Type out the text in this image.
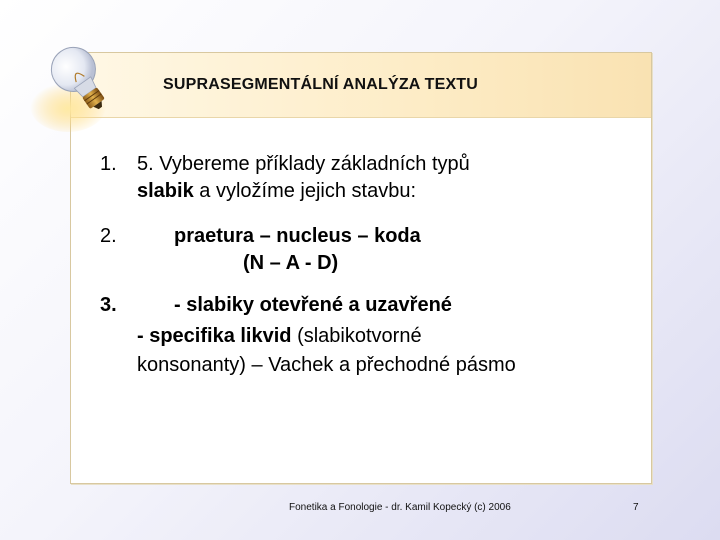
SUPRASEGMENTÁLNÍ ANALÝZA TEXTU
1. 5. Vybereme příklady základních typů
slabik a vyložíme jejich stavbu:
2.	praetura – nucleus – koda
(N – A - D)
3.	- slabiky otevřené a uzavřené
- specifika likvid (slabikotvorné
konsonanty) – Vachek a přechodné pásmo
Fonetika a Fonologie - dr. Kamil Kopecký (c) 2006	7
